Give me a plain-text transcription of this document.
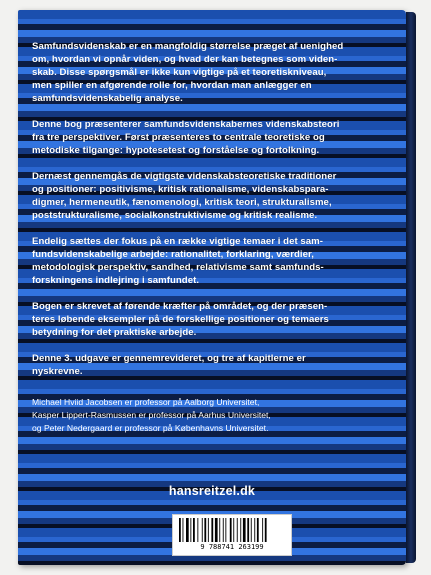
Samfundsvidenskab er en mangfoldig størrelse præget af uenighed
om, hvordan vi opnår viden, og hvad der kan betegnes som viden-
skab. Disse spørgsmål er ikke kun vigtige på et teoretiskniveau,
men spiller en afgørende rolle for, hvordan man anlægger en
samfundsvidenskabelig analyse.
Denne bog præsenterer samfundsvidenskabernes videnskabsteori
fra tre perspektiver. Først præsenteres to centrale teoretiske og
metodiske tilgange: hypotesetest og forståelse og fortolkning.
Dernæst gennemgås de vigtigste videnskabsteoretiske traditioner
og positioner: positivisme, kritisk rationalisme, videnskabspara-
digmer, hermeneutik, fænomenologi, kritisk teori, strukturalisme,
poststrukturalisme, socialkonstruktivisme og kritisk realisme.
Endelig sættes der fokus på en række vigtige temaer i det sam-
fundsvidenskabelige arbejde: rationalitet, forklaring, værdier,
metodologisk perspektiv, sandhed, relativisme samt samfunds-
forskningens indlejring i samfundet.
Bogen er skrevet af førende kræfter på området, og der præsen-
teres løbende eksempler på de forskellige positioner og temaers
betydning for det praktiske arbejde.
Denne 3. udgave er gennemrevideret, og tre af kapitlerne er
nyskrevne.

Michael Hviid Jacobsen er professor på Aalborg Universitet,

Kasper Lippert-Rasmussen er professor på Aarhus Universitet,

og Peter Nedergaard er professor på Københavns Universitet.

hansreitzel.dk
9 788741 263199
